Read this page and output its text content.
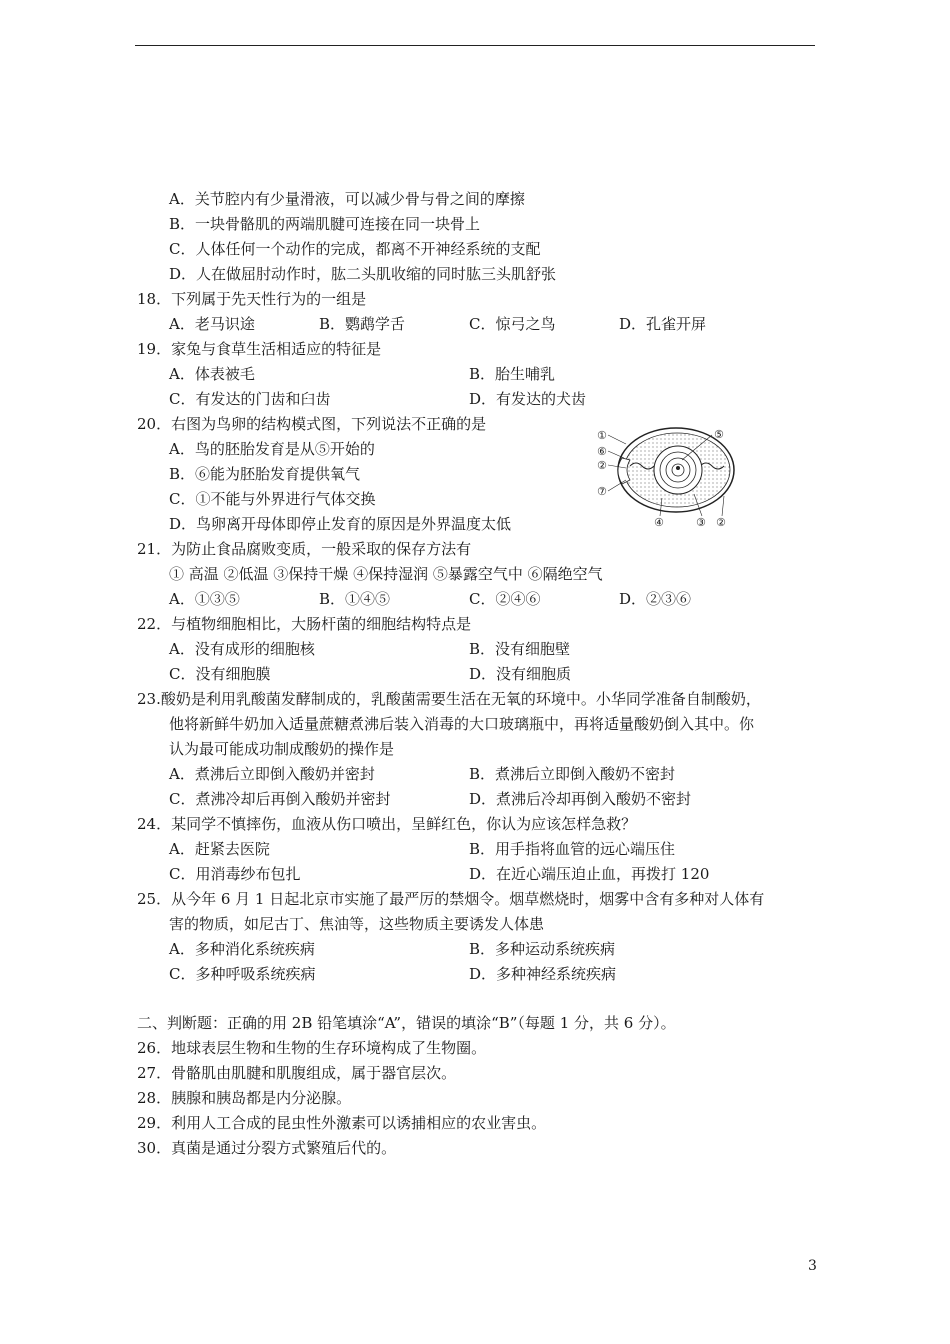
A．关节腔内有少量滑液，可以减少骨与骨之间的摩擦
B．一块骨骼肌的两端肌腱可连接在同一块骨上
C．人体任何一个动作的完成，都离不开神经系统的支配
D．人在做屈肘动作时，肱二头肌收缩的同时肱三头肌舒张
18．下列属于先天性行为的一组是
A．老马识途	B．鹦鹉学舌	C．惊弓之鸟	D．孔雀开屏
19．家兔与食草生活相适应的特征是
A．体表被毛	B．胎生哺乳
C．有发达的门齿和臼齿	D．有发达的犬齿
20．右图为鸟卵的结构模式图，下列说法不正确的是
A．鸟的胚胎发育是从⑤开始的
B．⑥能为胚胎发育提供氧气
C．①不能与外界进行气体交换
D．鸟卵离开母体即停止发育的原因是外界温度太低
①
⑥
②
⑦
⑤
④	③ ②
21．为防止食品腐败变质，一般采取的保存方法有
① 高温 ②低温 ③保持干燥 ④保持湿润 ⑤暴露空气中 ⑥隔绝空气
A．①③⑤	B．①④⑤	C．②④⑥	D．②③⑥
22．与植物细胞相比，大肠杆菌的细胞结构特点是
A．没有成形的细胞核	B．没有细胞壁
C．没有细胞膜	D．没有细胞质
23.酸奶是利用乳酸菌发酵制成的，乳酸菌需要生活在无氧的环境中。小华同学准备自制酸奶，
他将新鲜牛奶加入适量蔗糖煮沸后装入消毒的大口玻璃瓶中，再将适量酸奶倒入其中。你
认为最可能成功制成酸奶的操作是
A．煮沸后立即倒入酸奶并密封	B．煮沸后立即倒入酸奶不密封
C．煮沸冷却后再倒入酸奶并密封	D．煮沸后冷却再倒入酸奶不密封
24．某同学不慎摔伤，血液从伤口喷出，呈鲜红色，你认为应该怎样急救？
A．赶紧去医院	B．用手指将血管的远心端压住
C．用消毒纱布包扎	D．在近心端压迫止血，再拨打 120
25．从今年 6 月 1 日起北京市实施了最严厉的禁烟令。烟草燃烧时，烟雾中含有多种对人体有
害的物质，如尼古丁、焦油等，这些物质主要诱发人体患
A．多种消化系统疾病	B．多种运动系统疾病
C．多种呼吸系统疾病	D．多种神经系统疾病
二、判断题：正确的用 2B 铅笔填涂“A”，错误的填涂“B”（每题 1 分，共 6 分）。
26．地球表层生物和生物的生存环境构成了生物圈。
27．骨骼肌由肌腱和肌腹组成，属于器官层次。
28．胰腺和胰岛都是内分泌腺。
29．利用人工合成的昆虫性外激素可以诱捕相应的农业害虫。
30．真菌是通过分裂方式繁殖后代的。
3
